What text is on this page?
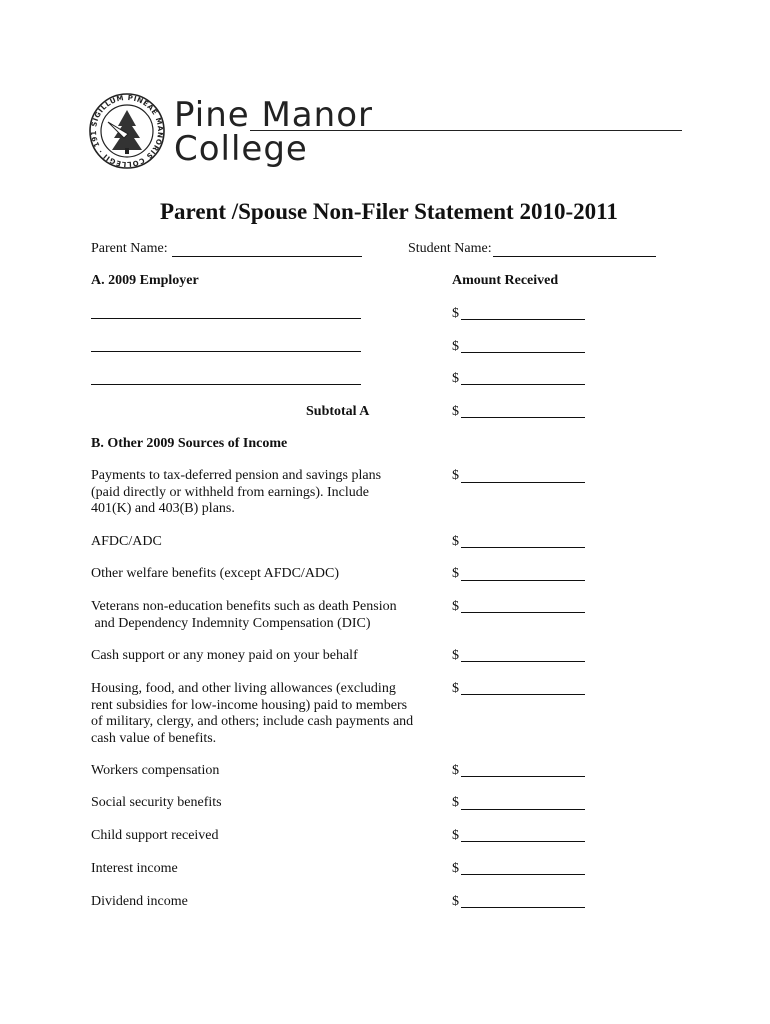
SIGILLUM PINEAE MANORIS COLLEGII · 191	Pine Manor
College
Parent /Spouse Non-Filer Statement 2010-2011
Parent Name:	Student Name:
A. 2009 Employer	Amount Received
$
$
$
Subtotal A	$
B. Other 2009 Sources of Income
Payments to tax-deferred pension and savings plans
(paid directly or withheld from earnings). Include
401(K) and 403(B) plans.
$
AFDC/ADC	$
Other welfare benefits (except AFDC/ADC)	$
Veterans non-education benefits such as death Pension
and Dependency Indemnity Compensation (DIC)
$
Cash support or any money paid on your behalf	$
Housing, food, and other living allowances (excluding
rent subsidies for low-income housing) paid to members
of military, clergy, and others; include cash payments and
cash value of benefits.
$
Workers compensation	$
Social security benefits	$
Child support received	$
Interest income	$
Dividend income	$
